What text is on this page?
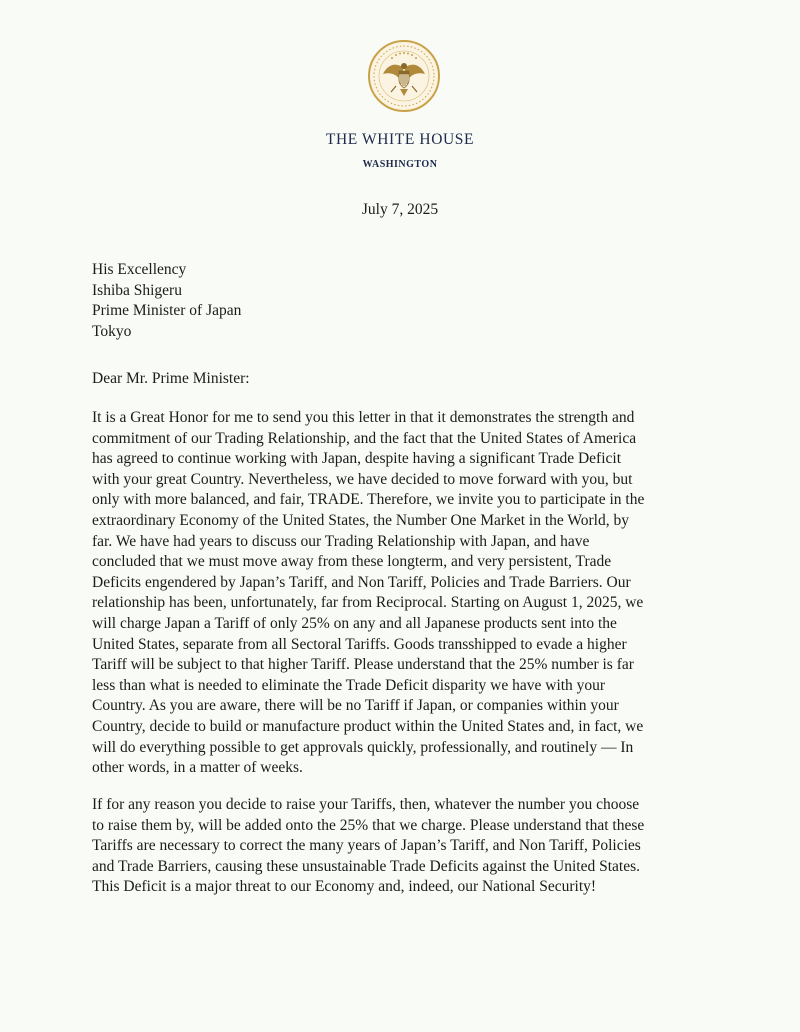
THE WHITE HOUSE
WASHINGTON
July 7, 2025
His Excellency
Ishiba Shigeru
Prime Minister of Japan
Tokyo
Dear Mr. Prime Minister:
It is a Great Honor for me to send you this letter in that it demonstrates the strength and
commitment of our Trading Relationship, and the fact that the United States of America
has agreed to continue working with Japan, despite having a significant Trade Deficit
with your great Country. Nevertheless, we have decided to move forward with you, but
only with more balanced, and fair, TRADE. Therefore, we invite you to participate in the
extraordinary Economy of the United States, the Number One Market in the World, by
far. We have had years to discuss our Trading Relationship with Japan, and have
concluded that we must move away from these longterm, and very persistent, Trade
Deficits engendered by Japan’s Tariff, and Non Tariff, Policies and Trade Barriers. Our
relationship has been, unfortunately, far from Reciprocal. Starting on August 1, 2025, we
will charge Japan a Tariff of only 25% on any and all Japanese products sent into the
United States, separate from all Sectoral Tariffs. Goods transshipped to evade a higher
Tariff will be subject to that higher Tariff. Please understand that the 25% number is far
less than what is needed to eliminate the Trade Deficit disparity we have with your
Country. As you are aware, there will be no Tariff if Japan, or companies within your
Country, decide to build or manufacture product within the United States and, in fact, we
will do everything possible to get approvals quickly, professionally, and routinely — In
other words, in a matter of weeks.
If for any reason you decide to raise your Tariffs, then, whatever the number you choose
to raise them by, will be added onto the 25% that we charge. Please understand that these
Tariffs are necessary to correct the many years of Japan’s Tariff, and Non Tariff, Policies
and Trade Barriers, causing these unsustainable Trade Deficits against the United States.
This Deficit is a major threat to our Economy and, indeed, our National Security!
